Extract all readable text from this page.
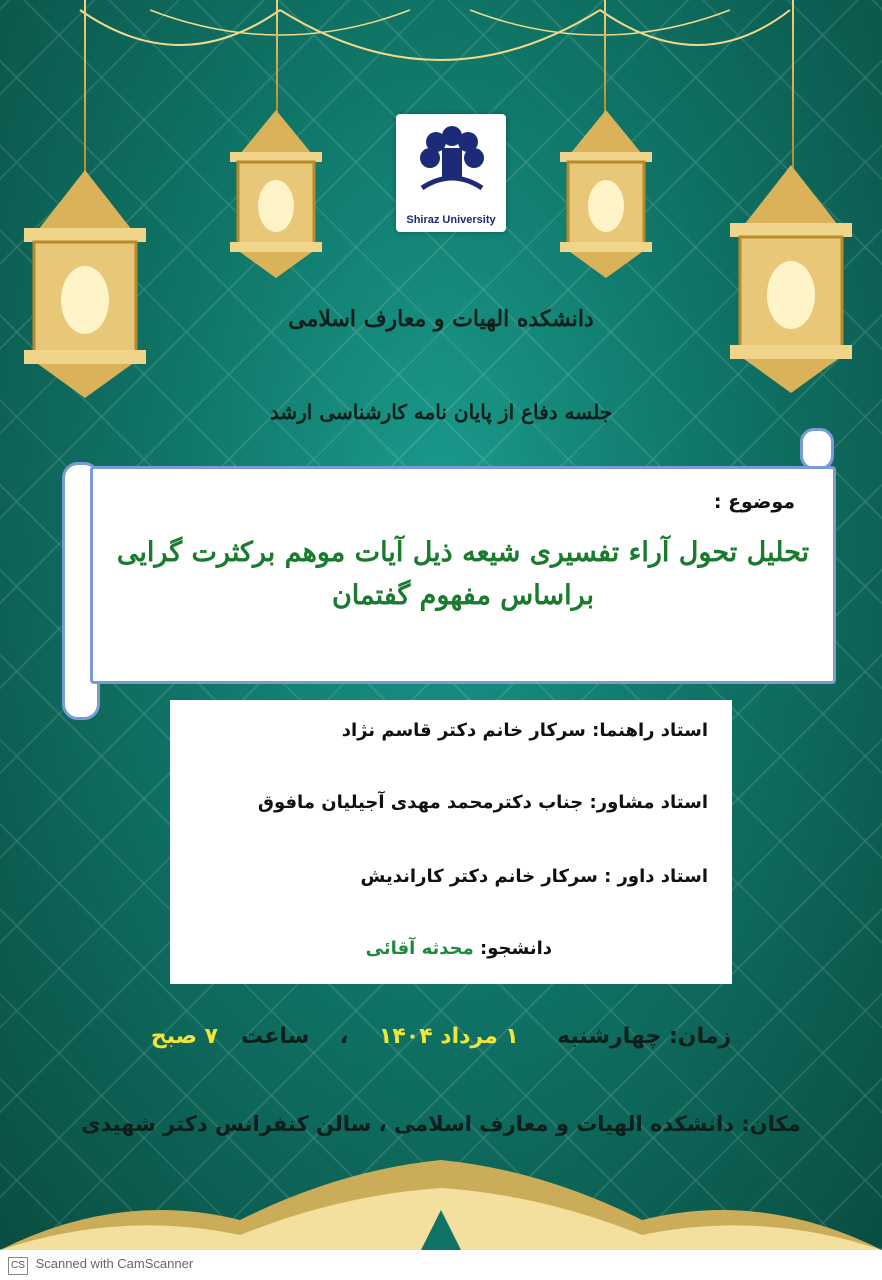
Shiraz University
دانشکده الهیات و معارف اسلامی
جلسه دفاع از پایان نامه کارشناسی ارشد
موضوع :
تحلیل تحول آراء تفسیری شیعه ذیل آیات موهم برکثرت گرایی
براساس مفهوم گفتمان
استاد راهنما: سرکار خانم دکتر قاسم نژاد
استاد مشاور: جناب دکترمحمد مهدی آجیلیان مافوق
استاد داور : سرکار خانم دکتر کاراندیش
دانشجو: محدثه آقائی
زمان: چهارشنبه     ۱ مرداد ۱۴۰۴    ،    ساعت   ۷ صبح
مکان: دانشکده الهیات و معارف اسلامی ، سالن کنفرانس دکتر شهیدی
CS Scanned with CamScanner
